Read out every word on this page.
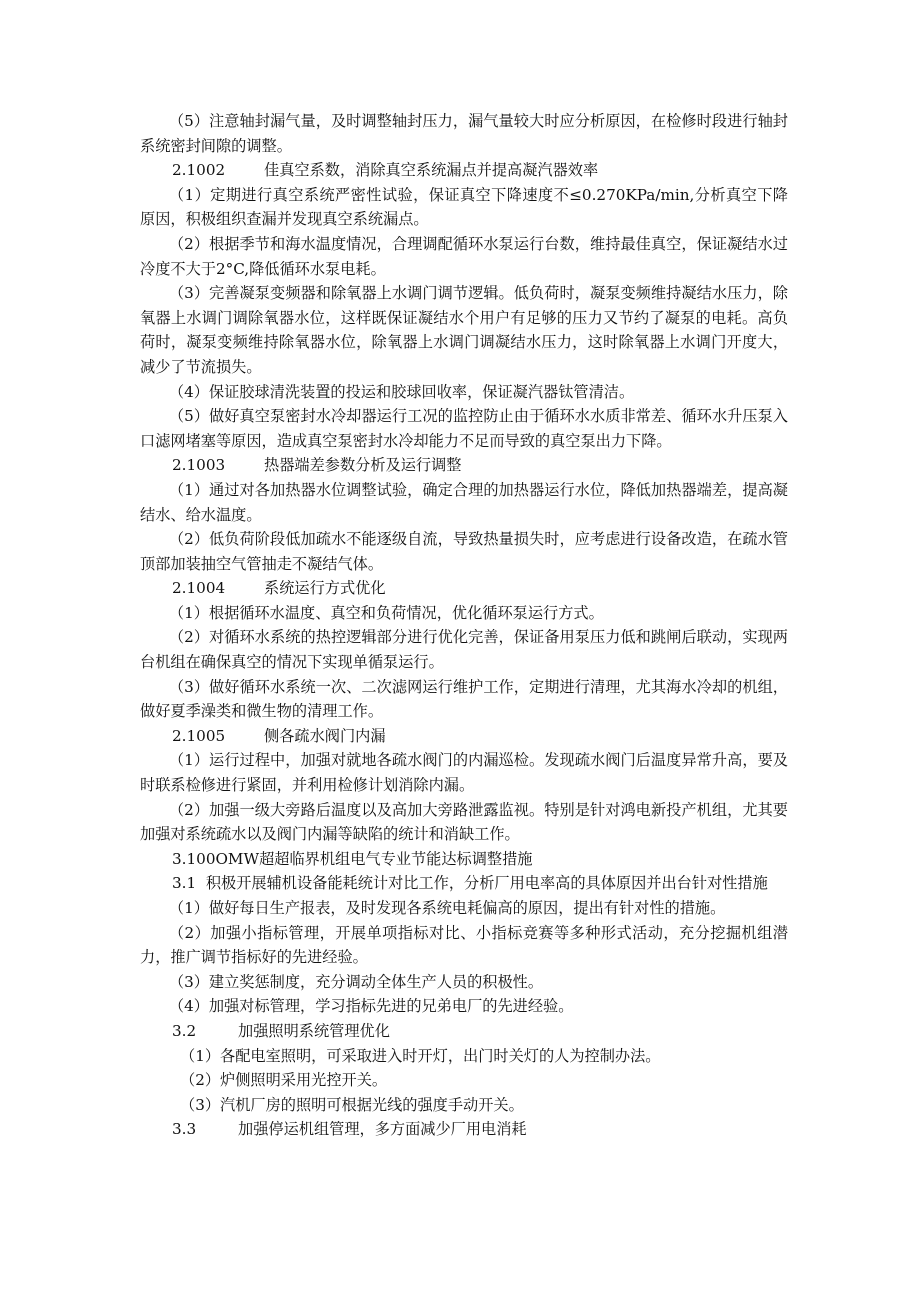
（5）注意轴封漏气量，及时调整轴封压力，漏气量较大时应分析原因，在检修时段进行轴封系统密封间隙的调整。

2.1002	佳真空系数，消除真空系统漏点并提高凝汽器效率

（1）定期进行真空系统严密性试验，保证真空下降速度不≤0.270KPa/min,分析真空下降原因，积极组织查漏并发现真空系统漏点。

（2）根据季节和海水温度情况，合理调配循环水泵运行台数，维持最佳真空，保证凝结水过冷度不大于2°C,降低循环水泵电耗。

（3）完善凝泵变频器和除氧器上水调门调节逻辑。低负荷时，凝泵变频维持凝结水压力，除氧器上水调门调除氧器水位，这样既保证凝结水个用户有足够的压力又节约了凝泵的电耗。高负荷时，凝泵变频维持除氧器水位，除氧器上水调门调凝结水压力，这时除氧器上水调门开度大，减少了节流损失。

（4）保证胶球清洗装置的投运和胶球回收率，保证凝汽器钛管清洁。

（5）做好真空泵密封水冷却器运行工况的监控防止由于循环水水质非常差、循环水升压泵入口滤网堵塞等原因，造成真空泵密封水冷却能力不足而导致的真空泵出力下降。

2.1003	热器端差参数分析及运行调整

（1）通过对各加热器水位调整试验，确定合理的加热器运行水位，降低加热器端差，提高凝结水、给水温度。

（2）低负荷阶段低加疏水不能逐级自流，导致热量损失时，应考虑进行设备改造，在疏水管顶部加装抽空气管抽走不凝结气体。

2.1004	系统运行方式优化

（1）根据循环水温度、真空和负荷情况，优化循环泵运行方式。

（2）对循环水系统的热控逻辑部分进行优化完善，保证备用泵压力低和跳闸后联动，实现两台机组在确保真空的情况下实现单循泵运行。

（3）做好循环水系统一次、二次滤网运行维护工作，定期进行清理，尤其海水冷却的机组，做好夏季澡类和微生物的清理工作。

2.1005	侧各疏水阀门内漏

（1）运行过程中，加强对就地各疏水阀门的内漏巡检。发现疏水阀门后温度异常升高，要及时联系检修进行紧固，并利用检修计划消除内漏。

（2）加强一级大旁路后温度以及高加大旁路泄露监视。特别是针对鸿电新投产机组，尤其要加强对系统疏水以及阀门内漏等缺陷的统计和消缺工作。

3.100OMW超超临界机组电气专业节能达标调整措施

3.1 积极开展辅机设备能耗统计对比工作，分析厂用电率高的具体原因并出台针对性措施

（1）做好每日生产报表，及时发现各系统电耗偏高的原因，提出有针对性的措施。

（2）加强小指标管理，开展单项指标对比、小指标竞赛等多种形式活动，充分挖掘机组潜力，推广调节指标好的先进经验。

（3）建立奖惩制度，充分调动全体生产人员的积极性。

（4）加强对标管理，学习指标先进的兄弟电厂的先进经验。

3.2	加强照明系统管理优化

（1）各配电室照明，可采取进入时开灯，出门时关灯的人为控制办法。

（2）炉侧照明采用光控开关。

（3）汽机厂房的照明可根据光线的强度手动开关。

3.3	加强停运机组管理，多方面减少厂用电消耗
